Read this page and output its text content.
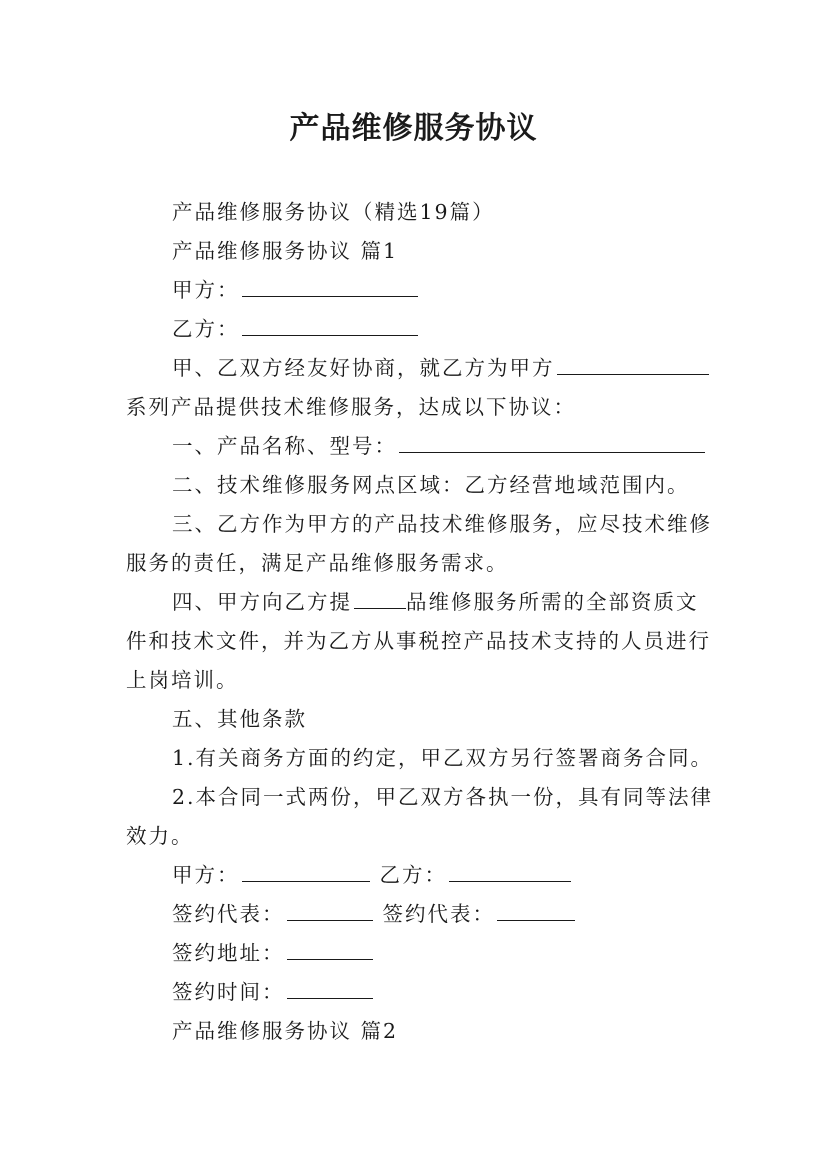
产品维修服务协议
产品维修服务协议（精选19篇）
产品维修服务协议 篇1
甲方：
乙方：
甲、乙双方经友好协商，就乙方为甲方
系列产品提供技术维修服务，达成以下协议：
一、产品名称、型号：
二、技术维修服务网点区域：乙方经营地域范围内。
三、乙方作为甲方的产品技术维修服务，应尽技术维修
服务的责任，满足产品维修服务需求。
四、甲方向乙方提	品维修服务所需的全部资质文
件和技术文件，并为乙方从事税控产品技术支持的人员进行
上岗培训。
五、其他条款
1.有关商务方面的约定，甲乙双方另行签署商务合同。
2.本合同一式两份，甲乙双方各执一份，具有同等法律
效力。
甲方：	乙方：
签约代表：	签约代表：
签约地址：
签约时间：
产品维修服务协议 篇2
